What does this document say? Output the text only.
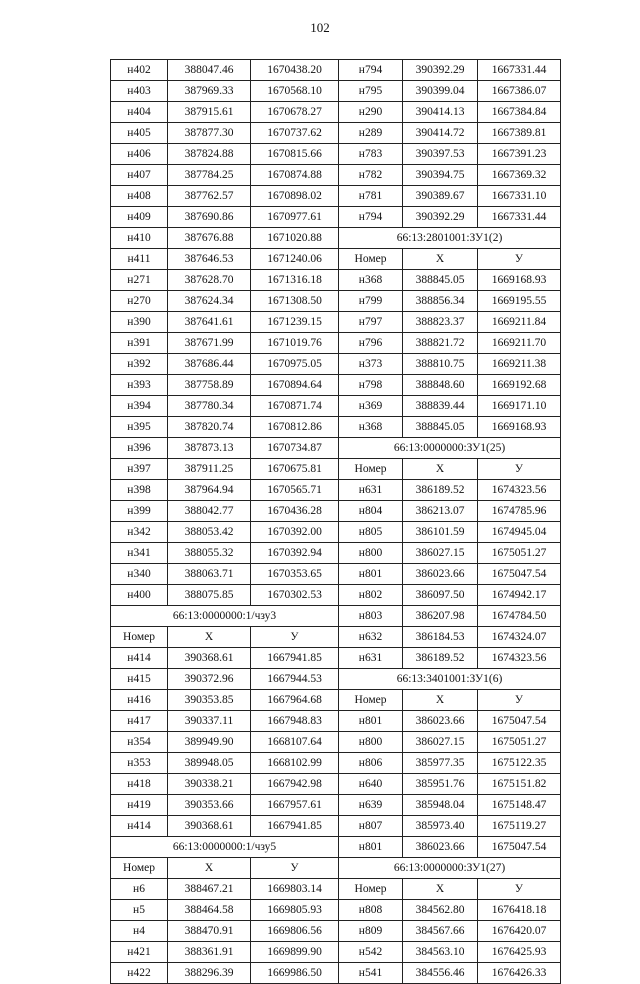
102
н402	388047.46	1670438.20	н794	390392.29	1667331.44
н403	387969.33	1670568.10	н795	390399.04	1667386.07
н404	387915.61	1670678.27	н290	390414.13	1667384.84
н405	387877.30	1670737.62	н289	390414.72	1667389.81
н406	387824.88	1670815.66	н783	390397.53	1667391.23
н407	387784.25	1670874.88	н782	390394.75	1667369.32
н408	387762.57	1670898.02	н781	390389.67	1667331.10
н409	387690.86	1670977.61	н794	390392.29	1667331.44
н410	387676.88	1671020.88	66:13:2801001:ЗУ1(2)		
н411	387646.53	1671240.06	Номер	Х	У
н271	387628.70	1671316.18	н368	388845.05	1669168.93
н270	387624.34	1671308.50	н799	388856.34	1669195.55
н390	387641.61	1671239.15	н797	388823.37	1669211.84
н391	387671.99	1671019.76	н796	388821.72	1669211.70
н392	387686.44	1670975.05	н373	388810.75	1669211.38
н393	387758.89	1670894.64	н798	388848.60	1669192.68
н394	387780.34	1670871.74	н369	388839.44	1669171.10
н395	387820.74	1670812.86	н368	388845.05	1669168.93
н396	387873.13	1670734.87	66:13:0000000:ЗУ1(25)		
н397	387911.25	1670675.81	Номер	Х	У
н398	387964.94	1670565.71	н631	386189.52	1674323.56
н399	388042.77	1670436.28	н804	386213.07	1674785.96
н342	388053.42	1670392.00	н805	386101.59	1674945.04
н341	388055.32	1670392.94	н800	386027.15	1675051.27
н340	388063.71	1670353.65	н801	386023.66	1675047.54
н400	388075.85	1670302.53	н802	386097.50	1674942.17
66:13:0000000:1/чзу3			н803	386207.98	1674784.50
Номер	Х	У	н632	386184.53	1674324.07
н414	390368.61	1667941.85	н631	386189.52	1674323.56
н415	390372.96	1667944.53	66:13:3401001:ЗУ1(6)		
н416	390353.85	1667964.68	Номер	Х	У
н417	390337.11	1667948.83	н801	386023.66	1675047.54
н354	389949.90	1668107.64	н800	386027.15	1675051.27
н353	389948.05	1668102.99	н806	385977.35	1675122.35
н418	390338.21	1667942.98	н640	385951.76	1675151.82
н419	390353.66	1667957.61	н639	385948.04	1675148.47
н414	390368.61	1667941.85	н807	385973.40	1675119.27
66:13:0000000:1/чзу5			н801	386023.66	1675047.54
Номер	Х	У	66:13:0000000:ЗУ1(27)		
н6	388467.21	1669803.14	Номер	Х	У
н5	388464.58	1669805.93	н808	384562.80	1676418.18
н4	388470.91	1669806.56	н809	384567.66	1676420.07
н421	388361.91	1669899.90	н542	384563.10	1676425.93
н422	388296.39	1669986.50	н541	384556.46	1676426.33
